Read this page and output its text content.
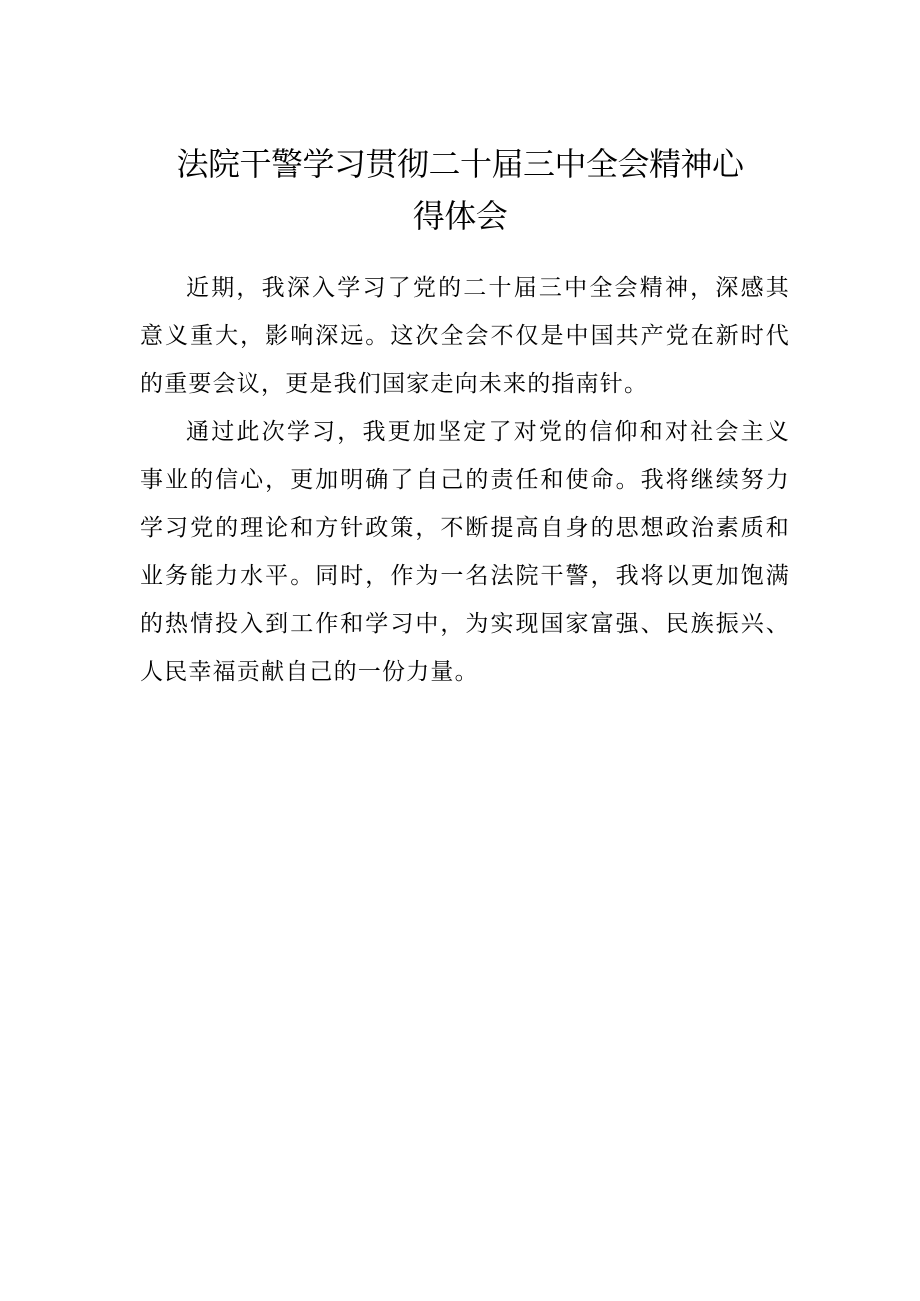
法院干警学习贯彻二十届三中全会精神心
得体会

近期，我深入学习了党的二十届三中全会精神，深感其意义重大，影响深远。这次全会不仅是中国共产党在新时代的重要会议，更是我们国家走向未来的指南针。

通过此次学习，我更加坚定了对党的信仰和对社会主义事业的信心，更加明确了自己的责任和使命。我将继续努力学习党的理论和方针政策，不断提高自身的思想政治素质和业务能力水平。同时，作为一名法院干警，我将以更加饱满的热情投入到工作和学习中，为实现国家富强、民族振兴、人民幸福贡献自己的一份力量。
